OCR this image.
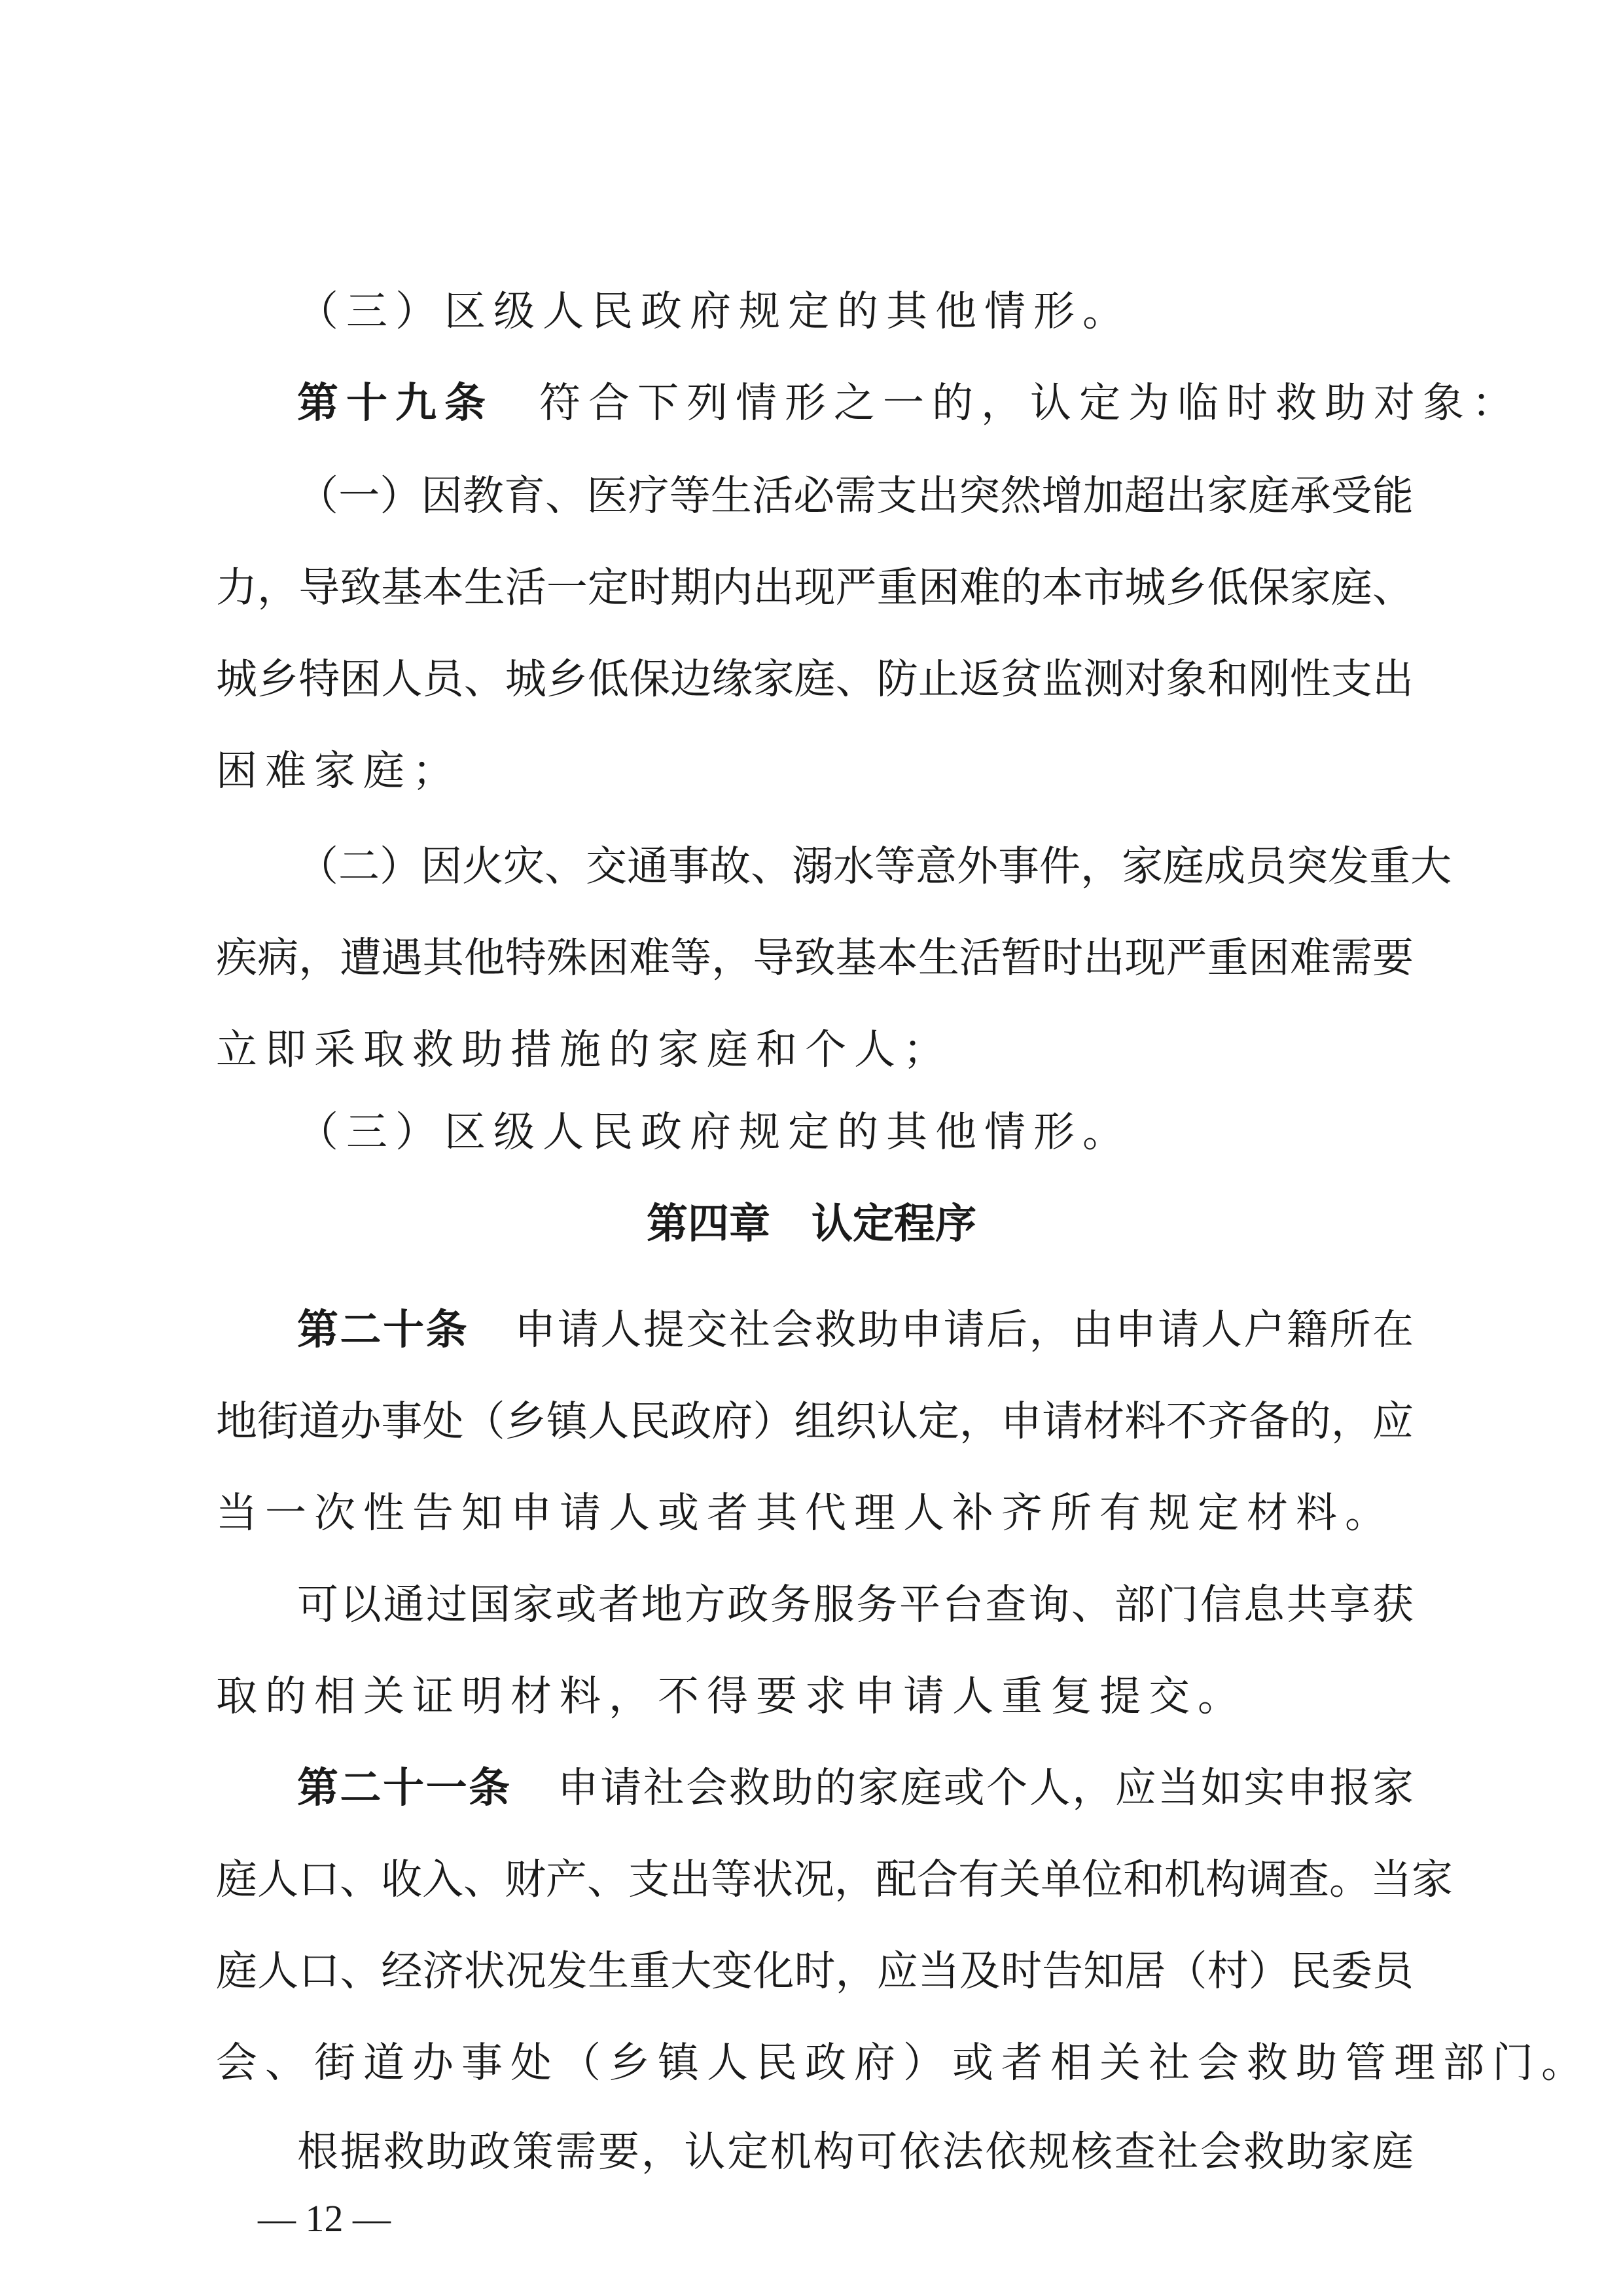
（三）区级人民政府规定的其他情形。
第十九条 符合下列情形之一的，认定为临时救助对象：
（一）因教育、医疗等生活必需支出突然增加超出家庭承受能
力，导致基本生活一定时期内出现严重困难的本市城乡低保家庭、
城乡特困人员、城乡低保边缘家庭、防止返贫监测对象和刚性支出
困难家庭；
（二）因火灾、交通事故、溺水等意外事件，家庭成员突发重大
疾病，遭遇其他特殊困难等，导致基本生活暂时出现严重困难需要
立即采取救助措施的家庭和个人；
（三）区级人民政府规定的其他情形。
第四章　认定程序
第二十条 申请人提交社会救助申请后，由申请人户籍所在
地街道办事处（乡镇人民政府）组织认定，申请材料不齐备的，应
当一次性告知申请人或者其代理人补齐所有规定材料。
可以通过国家或者地方政务服务平台查询、部门信息共享获
取的相关证明材料，不得要求申请人重复提交。
第二十一条 申请社会救助的家庭或个人，应当如实申报家
庭人口、收入、财产、支出等状况，配合有关单位和机构调查。当家
庭人口、经济状况发生重大变化时，应当及时告知居（村）民委员
会、街道办事处（乡镇人民政府）或者相关社会救助管理部门。
根据救助政策需要，认定机构可依法依规核查社会救助家庭
— 12 —
